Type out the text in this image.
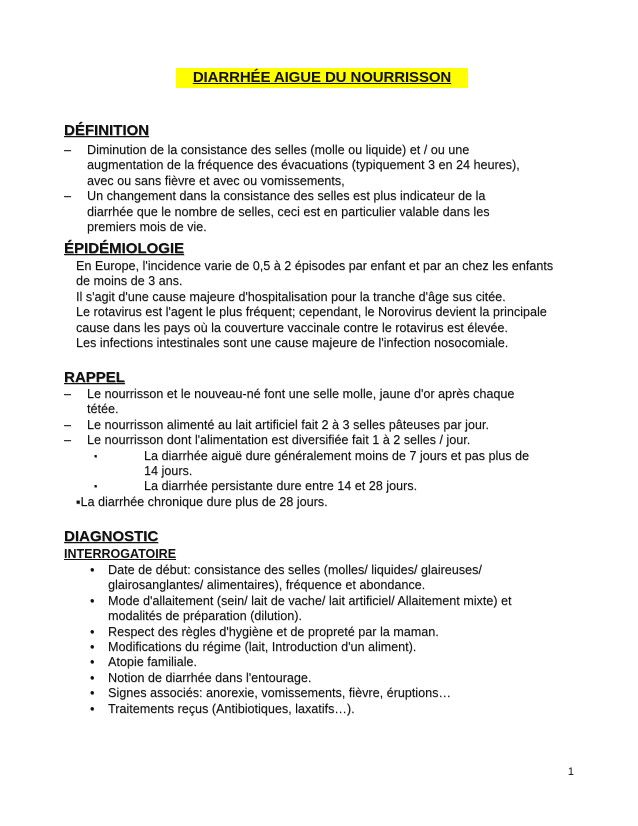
DIARRHÉE AIGUE DU NOURRISSON
DÉFINITION
– Diminution de la consistance des selles (molle ou liquide) et / ou une augmentation de la fréquence des évacuations (typiquement 3 en 24 heures), avec ou sans fièvre et avec ou vomissements,
– Un changement dans la consistance des selles est plus indicateur de la diarrhée que le nombre de selles, ceci est en particulier valable dans les premiers mois de vie.
ÉPIDÉMIOLOGIE
En Europe, l'incidence varie de 0,5 à 2 épisodes par enfant et par an chez les enfants de moins de 3 ans.
Il s'agit d'une cause majeure d'hospitalisation pour la tranche d'âge sus citée.
Le rotavirus est l'agent le plus fréquent; cependant, le Norovirus devient la principale cause dans les pays où la couverture vaccinale contre le rotavirus est élevée.
Les infections intestinales sont une cause majeure de l'infection nosocomiale.
RAPPEL
– Le nourrisson et le nouveau-né font une selle molle, jaune d'or après chaque tétée.
– Le nourrisson alimenté au lait artificiel fait 2 à 3 selles pâteuses par jour.
– Le nourrisson dont l'alimentation est diversifiée fait 1 à 2 selles / jour.
▪	La diarrhée aiguë dure généralement moins de 7 jours et pas plus de 14 jours.
▪	La diarrhée persistante dure entre 14 et 28 jours.
▪La diarrhée chronique dure plus de 28 jours.
DIAGNOSTIC
INTERROGATOIRE
• Date de début: consistance des selles (molles/ liquides/ glaireuses/ glairosanglantes/ alimentaires), fréquence et abondance.
• Mode d'allaitement (sein/ lait de vache/ lait artificiel/ Allaitement mixte) et modalités de préparation (dilution).
• Respect des règles d'hygiène et de propreté par la maman.
• Modifications du régime (lait, Introduction d'un aliment).
• Atopie familiale.
• Notion de diarrhée dans l'entourage.
• Signes associés: anorexie, vomissements, fièvre, éruptions…
• Traitements reçus (Antibiotiques, laxatifs…).
1
